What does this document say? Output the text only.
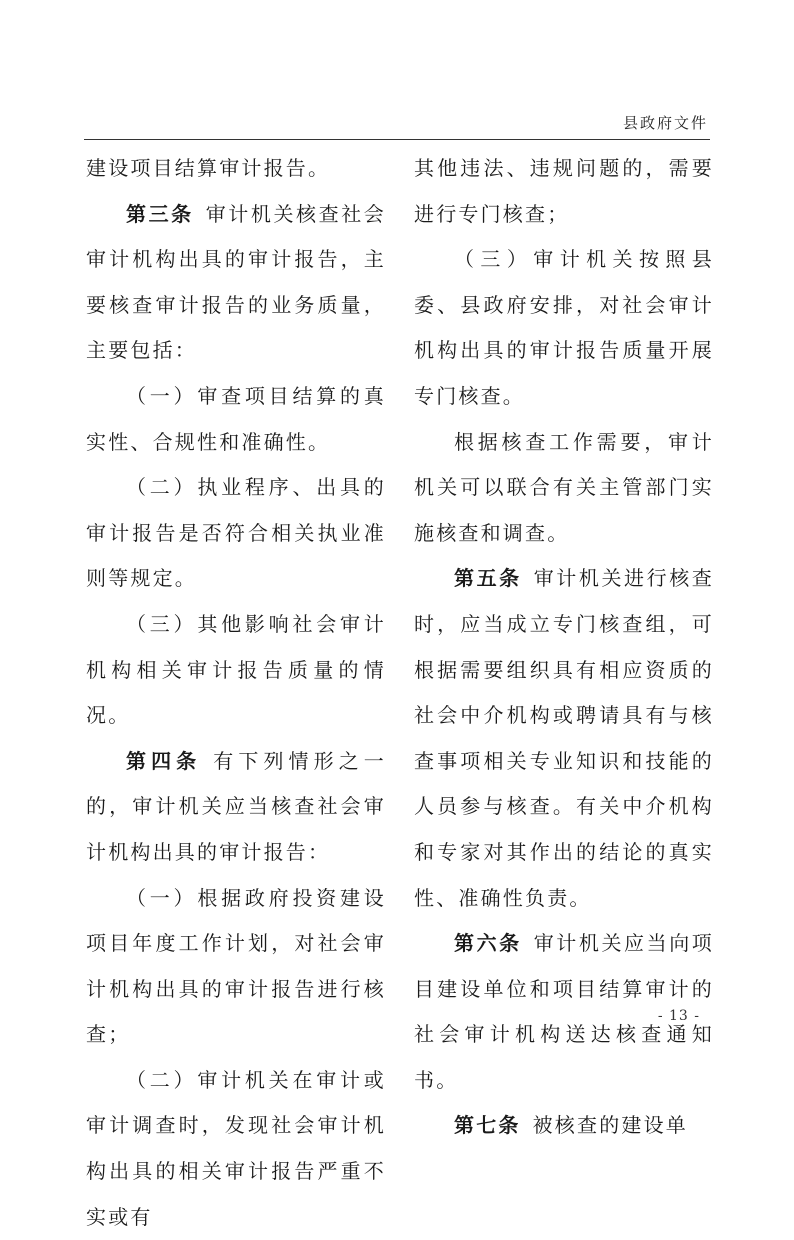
县政府文件

建设项目结算审计报告。

第三条 审计机关核查社会审计机构出具的审计报告，主要核查审计报告的业务质量，主要包括：

（一）审查项目结算的真实性、合规性和准确性。

（二）执业程序、出具的审计报告是否符合相关执业准则等规定。

（三）其他影响社会审计机构相关审计报告质量的情况。

第四条 有下列情形之一的，审计机关应当核查社会审计机构出具的审计报告：

（一）根据政府投资建设项目年度工作计划，对社会审计机构出具的审计报告进行核查；

（二）审计机关在审计或审计调查时，发现社会审计机构出具的相关审计报告严重不实或有

其他违法、违规问题的，需要进行专门核查；

（三）审计机关按照县委、县政府安排，对社会审计机构出具的审计报告质量开展专门核查。

根据核查工作需要，审计机关可以联合有关主管部门实施核查和调查。

第五条 审计机关进行核查时，应当成立专门核查组，可根据需要组织具有相应资质的社会中介机构或聘请具有与核查事项相关专业知识和技能的人员参与核查。有关中介机构和专家对其作出的结论的真实性、准确性负责。

第六条 审计机关应当向项目建设单位和项目结算审计的社会审计机构送达核查通知书。

第七条 被核查的建设单

- 13 -
